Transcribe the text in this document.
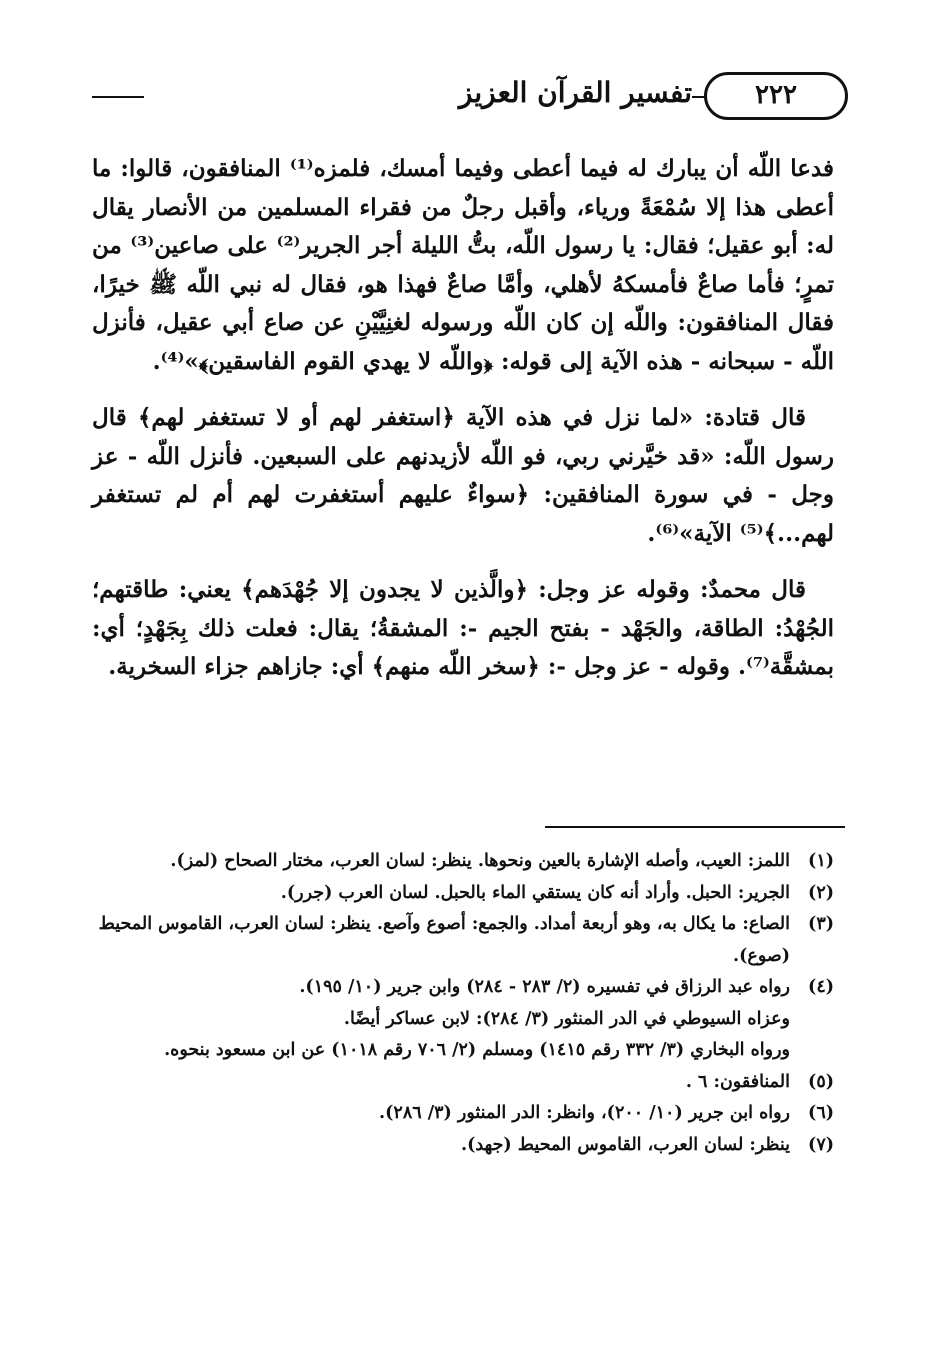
٢٢٢
تفسير القرآن العزيز

فدعا اللّه أن يبارك له فيما أعطى وفيما أمسك، فلمزه⁽¹⁾ المنافقون، قالوا: ما أعطى هذا إلا سُمْعَةً ورياء، وأقبل رجلٌ من فقراء المسلمين من الأنصار يقال له: أبو عقيل؛ فقال: يا رسول اللّه، بتُّ الليلة أجر الجرير⁽²⁾ على صاعين⁽³⁾ من تمرٍ؛ فأما صاعٌ فأمسكهُ لأهلي، وأمَّا صاعٌ فهذا هو، فقال له نبي اللّه ﷺ خيرًا، فقال المنافقون: واللّه إن كان اللّه ورسوله لغنِيَّيْنِ عن صاع أبي عقيل، فأنزل اللّه - سبحانه - هذه الآية إلى قوله: ﴿واللّه لا يهدي القوم الفاسقين﴾»⁽⁴⁾.

قال قتادة: «لما نزل في هذه الآية ﴿استغفر لهم أو لا تستغفر لهم﴾ قال رسول اللّه: «قد خيَّرني ربي، فو اللّه لأزيدنهم على السبعين. فأنزل اللّه - عز وجل - في سورة المنافقين: ﴿سواءٌ عليهم أستغفرت لهم أم لم تستغفر لهم...﴾⁽⁵⁾ الآية»⁽⁶⁾.

قال محمدٌ: وقوله عز وجل: ﴿والَّذين لا يجدون إلا جُهْدَهم﴾ يعني: طاقتهم؛ الجُهْدُ: الطاقة، والجَهْد - بفتح الجيم -: المشقةُ؛ يقال: فعلت ذلك بِجَهْدٍ؛ أي: بمشقَّة⁽⁷⁾. وقوله - عز وجل -: ﴿سخر اللّه منهم﴾ أي: جازاهم جزاء السخرية.

(١)
اللمز: العيب، وأصله الإشارة بالعين ونحوها. ينظر: لسان العرب، مختار الصحاح (لمز).
(٢)
الجرير: الحبل. وأراد أنه كان يستقي الماء بالحبل. لسان العرب (جرر).
(٣)
الصاع: ما يكال به، وهو أربعة أمداد. والجمع: أصوع وآصع. ينظر: لسان العرب، القاموس المحيط (صوع).
(٤)
رواه عبد الرزاق في تفسيره (٢/ ٢٨٣ - ٢٨٤) وابن جرير (١٠/ ١٩٥).
وعزاه السيوطي في الدر المنثور (٣/ ٢٨٤): لابن عساكر أيضًا.
ورواه البخاري (٣/ ٣٣٢ رقم ١٤١٥) ومسلم (٢/ ٧٠٦ رقم ١٠١٨) عن ابن مسعود بنحوه.
(٥)
المنافقون: ٦ .
(٦)
رواه ابن جرير (١٠/ ٢٠٠)، وانظر: الدر المنثور (٣/ ٢٨٦).
(٧)
ينظر: لسان العرب، القاموس المحيط (جهد).
